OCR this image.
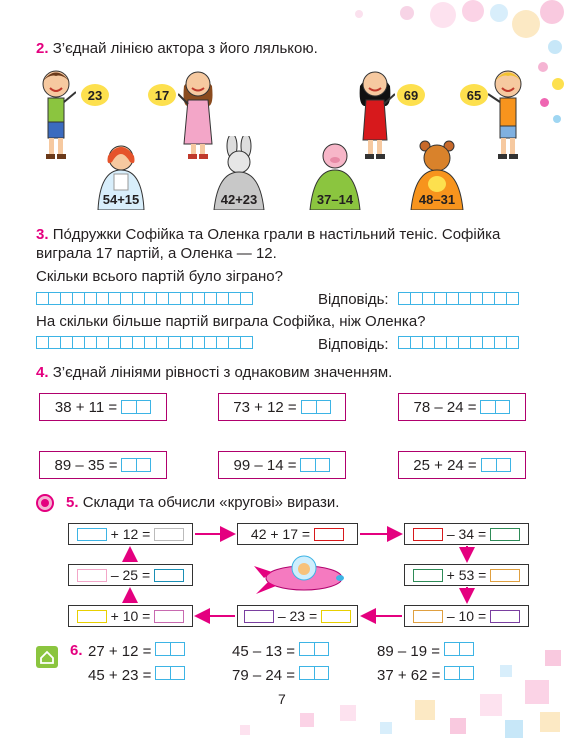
2. З’єднай лінією актора з його лялькою.
23	17	69	65
54+15	42+23	37–14	48–31
3. По́дружки Софійка та Оленка грали в настільний теніс. Софійка
виграла 17 партій, а Оленка — 12.
Скільки всього партій було зіграно?
Відповідь:
На скільки більше партій виграла Софійка, ніж Оленка?
Відповідь:
4. З’єднай лініями рівності з однаковим значенням.
38 + 11 =	73 + 12 =	78 – 24 =
89 – 35 =	99 – 14 =	25 + 24 =
5. Склади та обчисли «кругові» вирази.
+ 12 =	42 + 17 =	– 34 =
– 25 =	+ 53 =
+ 10 =	– 23 =	– 10 =
6. 27 + 12 =	45 – 13 =	89 – 19 =
45 + 23 =	79 – 24 =	37 + 62 =
7
